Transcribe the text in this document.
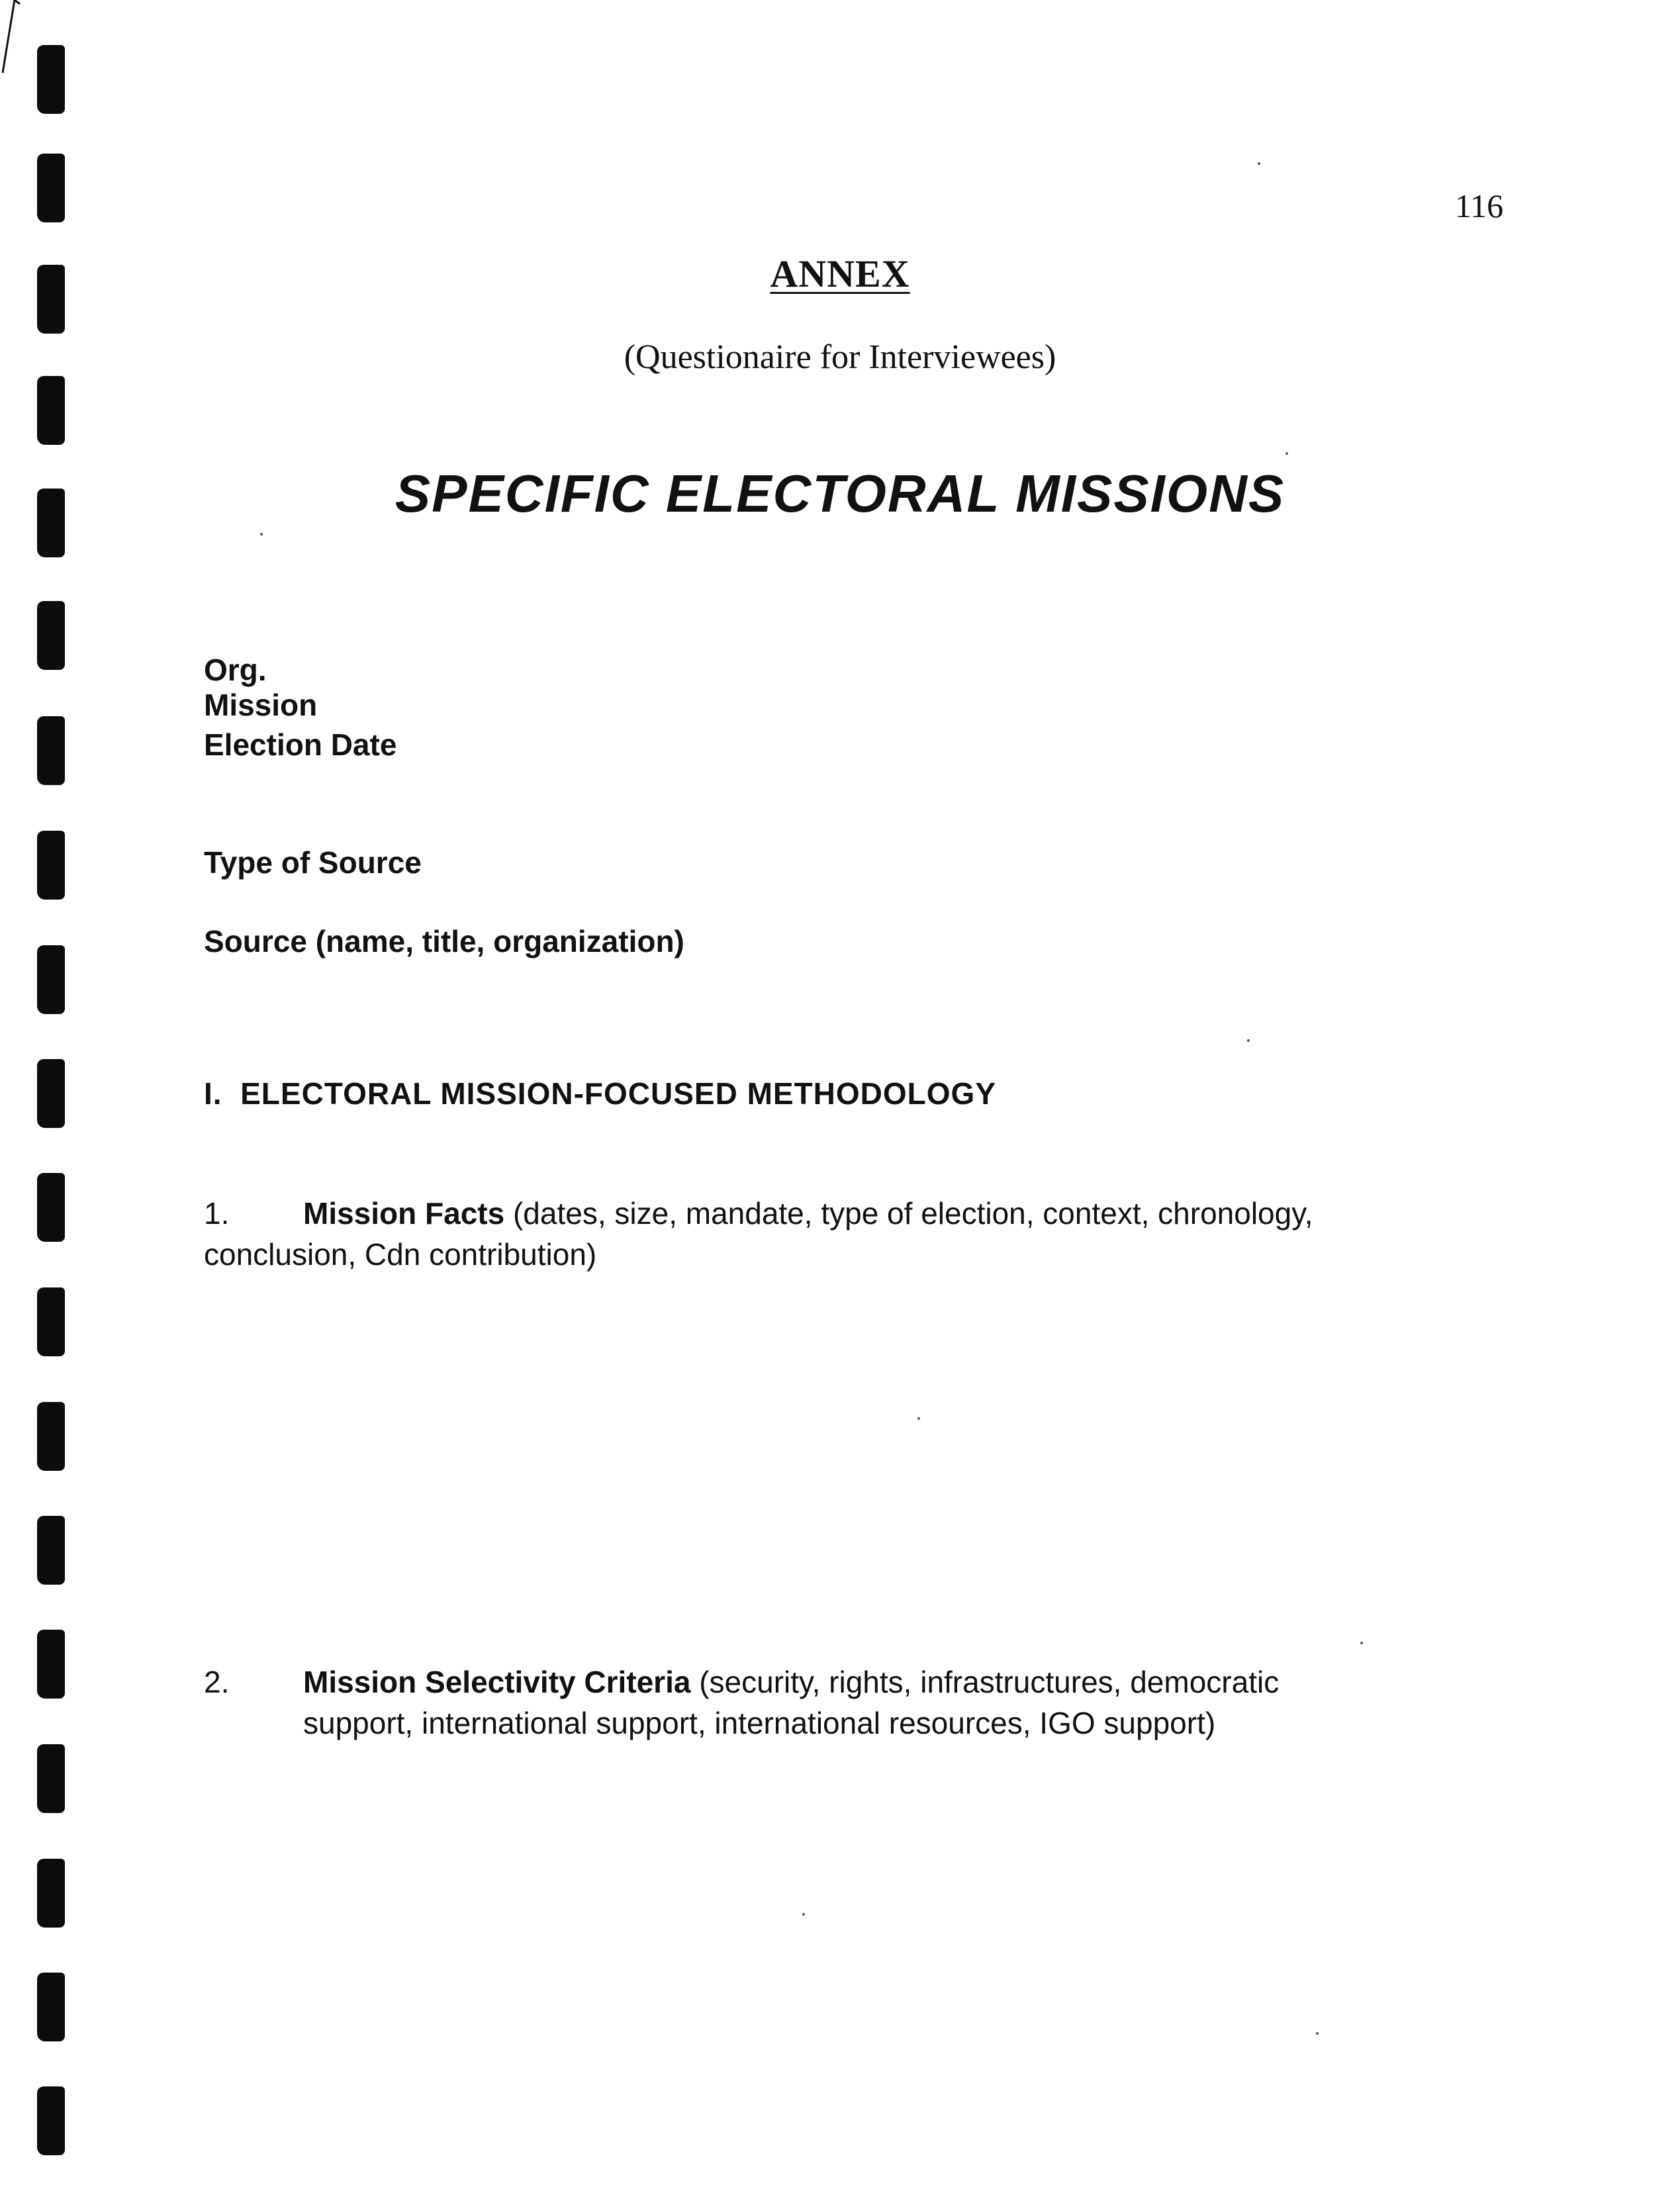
116
ANNEX
(Questionaire for Interviewees)
SPECIFIC ELECTORAL MISSIONS
Org.
Mission
Election Date
Type of Source
Source (name, title, organization)
I.  ELECTORAL MISSION-FOCUSED METHODOLOGY
1. Mission Facts (dates, size, mandate, type of election, context, chronology,
conclusion, Cdn contribution)
2. Mission Selectivity Criteria (security, rights, infrastructures, democratic
support, international support, international resources, IGO support)
